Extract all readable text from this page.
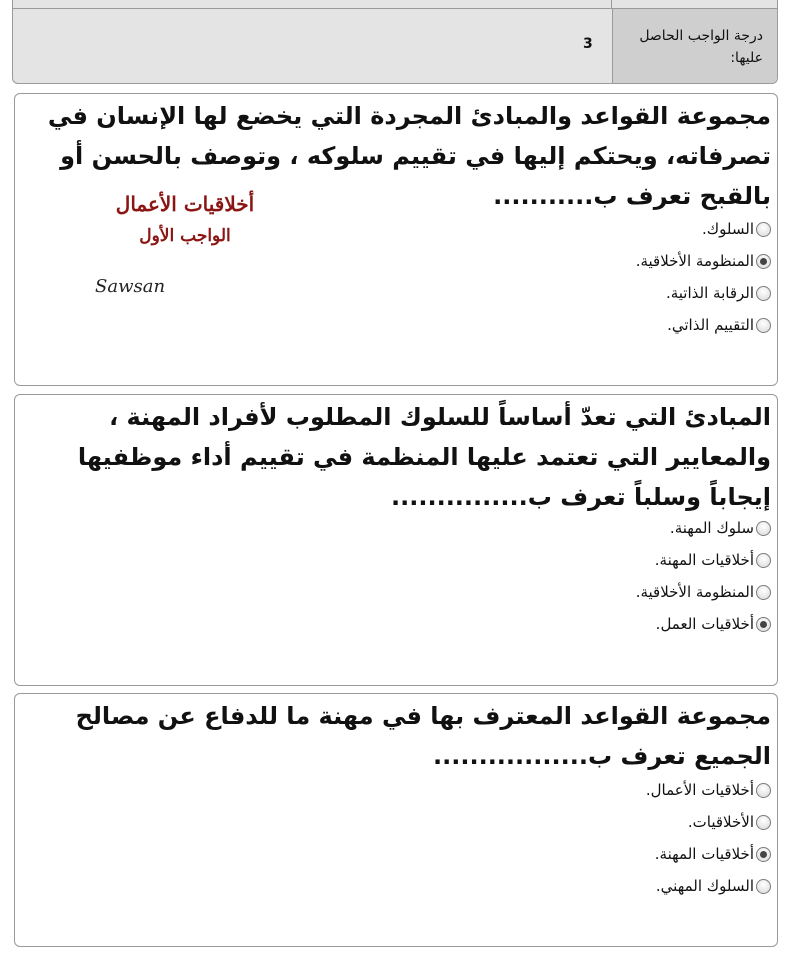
درجة الواجب الحاصل عليها:
3
مجموعة القواعد والمبادئ المجردة التي يخضع لها الإنسان في تصرفاته، ويحتكم إليها في تقييم سلوكه ، وتوصف بالحسن أو بالقبح تعرف ب...........
أخلاقيات الأعمال
الواجب الأول
Sawsan
السلوك.
المنظومة الأخلاقية.
الرقابة الذاتية.
التقييم الذاتي.
المبادئ التي تعدّ أساساً للسلوك المطلوب لأفراد المهنة ، والمعايير التي تعتمد عليها المنظمة في تقييم أداء موظفيها إيجاباً وسلباً تعرف ب...............
سلوك المهنة.
أخلاقيات المهنة.
المنظومة الأخلاقية.
أخلاقيات العمل.
مجموعة القواعد المعترف بها في مهنة ما للدفاع عن مصالح الجميع تعرف ب.................
أخلاقيات الأعمال.
الأخلاقيات.
أخلاقيات المهنة.
السلوك المهني.
